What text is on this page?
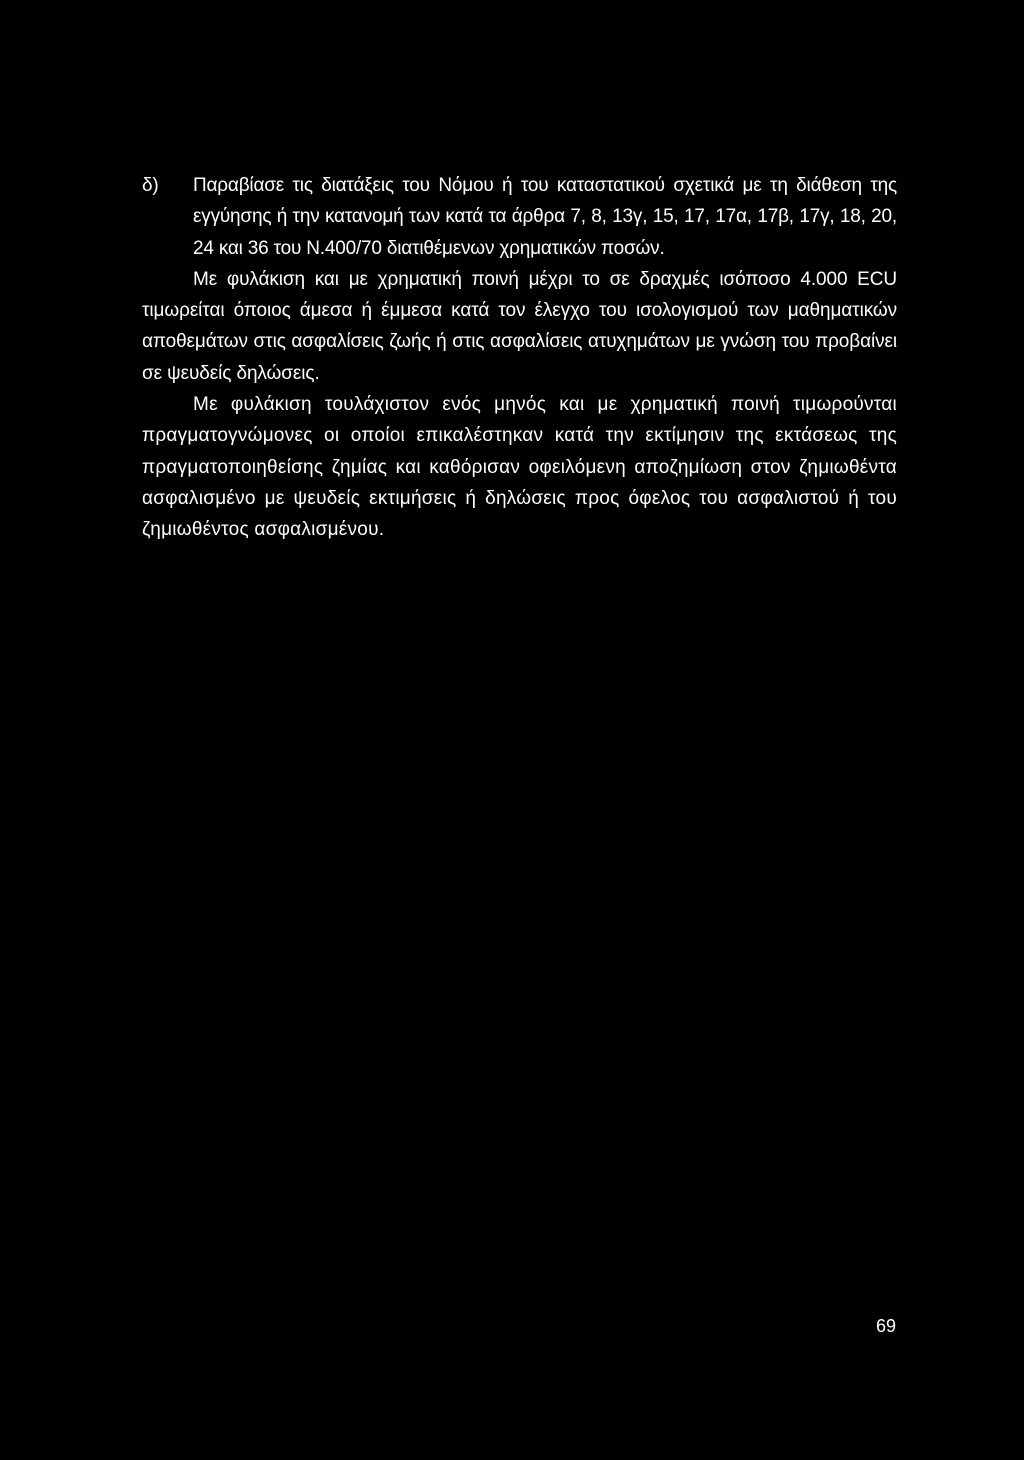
δ) Παραβίασε τις διατάξεις του Νόμου ή του καταστατικού σχετικά με τη διάθεση της εγγύησης ή την κατανομή των κατά τα άρθρα 7, 8, 13γ, 15, 17, 17α, 17β, 17γ, 18, 20, 24 και 36 του Ν.400/70 διατιθέμενων χρηματικών ποσών.

Με φυλάκιση και με χρηματική ποινή μέχρι το σε δραχμές ισόποσο 4.000 ECU τιμωρείται όποιος άμεσα ή έμμεσα κατά τον έλεγχο του ισολογισμού των μαθηματικών αποθεμάτων στις ασφαλίσεις ζωής ή στις ασφαλίσεις ατυχημάτων με γνώση του προβαίνει σε ψευδείς δηλώσεις.

Με φυλάκιση τουλάχιστον ενός μηνός και με χρηματική ποινή τιμωρούνται πραγματογνώμονες οι οποίοι επικαλέστηκαν κατά την εκτίμησιν της εκτάσεως της πραγματοποιηθείσης ζημίας και καθόρισαν οφειλόμενη αποζημίωση στον ζημιωθέντα ασφαλισμένο με ψευδείς εκτιμήσεις ή δηλώσεις προς όφελος του ασφαλιστού ή του ζημιωθέντος ασφαλισμένου.

69
